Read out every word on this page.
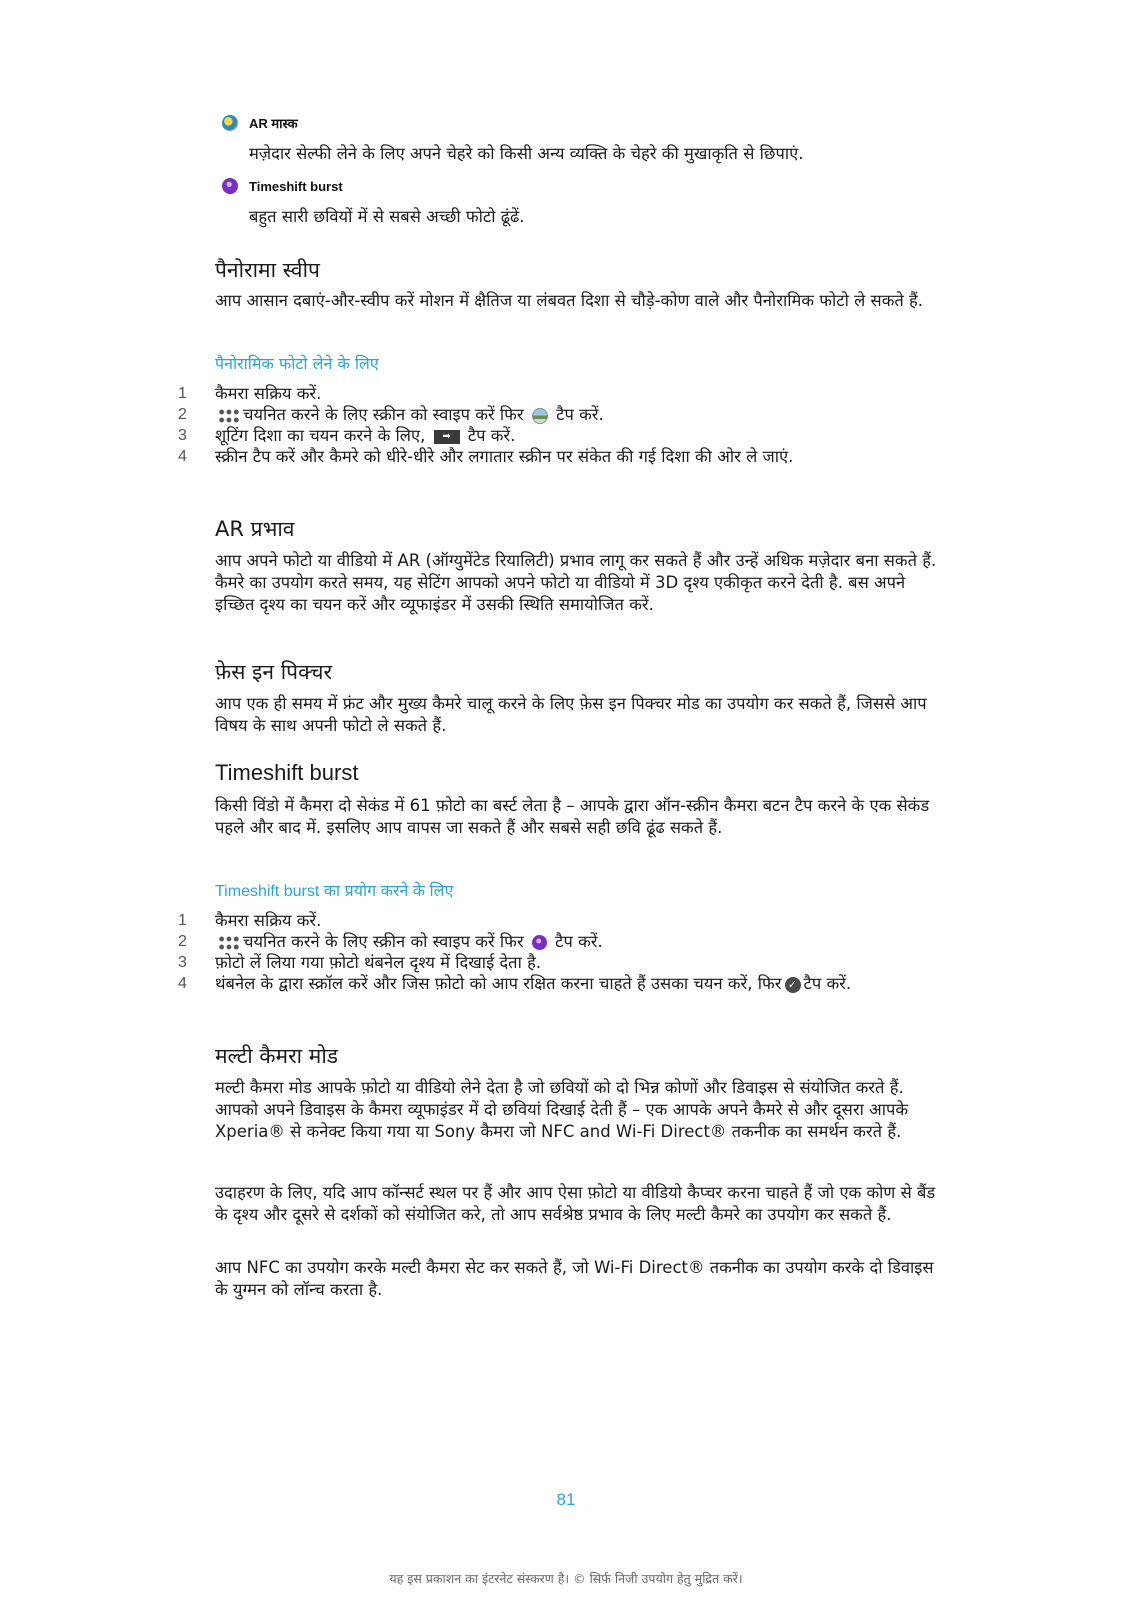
AR मास्क
मज़ेदार सेल्फी लेने के लिए अपने चेहरे को किसी अन्य व्यक्ति के चेहरे की मुखाकृति से छिपाएं.
Timeshift burst
बहुत सारी छवियों में से सबसे अच्छी फोटो ढूंढें.
पैनोरामा स्वीप

आप आसान दबाएं-और-स्वीप करें मोशन में क्षैतिज या लंबवत दिशा से चौड़े-कोण वाले और पैनोरामिक फोटो ले सकते हैं.

पैनोरामिक फोटो लेने के लिए
1	कैमरा सक्रिय करें.
2	चयनित करने के लिए स्क्रीन को स्वाइप करें फिर टैप करें.
3	शूटिंग दिशा का चयन करने के लिए, ➡ टैप करें.
4	स्क्रीन टैप करें और कैमरे को धीरे-धीरे और लगातार स्क्रीन पर संकेत की गई दिशा की ओर ले जाएं.
AR प्रभाव

आप अपने फोटो या वीडियो में AR (ऑग्युमेंटेड रियालिटी) प्रभाव लागू कर सकते हैं और उन्हें अधिक मज़ेदार बना सकते हैं. कैमरे का उपयोग करते समय, यह सेटिंग आपको अपने फोटो या वीडियो में 3D दृश्य एकीकृत करने देती है. बस अपने इच्छित दृश्य का चयन करें और व्यूफाइंडर में उसकी स्थिति समायोजित करें.

फ़ेस इन पिक्चर

आप एक ही समय में फ्रंट और मुख्य कैमरे चालू करने के लिए फ़ेस इन पिक्चर मोड का उपयोग कर सकते हैं, जिससे आप विषय के साथ अपनी फोटो ले सकते हैं.

Timeshift burst

किसी विंडो में कैमरा दो सेकंड में 61 फ़ोटो का बर्स्ट लेता है – आपके द्वारा ऑन-स्क्रीन कैमरा बटन टैप करने के एक सेकंड पहले और बाद में. इसलिए आप वापस जा सकते हैं और सबसे सही छवि ढूंढ सकते हैं.

Timeshift burst का प्रयोग करने के लिए
1	कैमरा सक्रिय करें.
2	चयनित करने के लिए स्क्रीन को स्वाइप करें फिर टैप करें.
3	फ़ोटो लें लिया गया फ़ोटो थंबनेल दृश्य में दिखाई देता है.
4	थंबनेल के द्वारा स्क्रॉल करें और जिस फ़ोटो को आप रक्षित करना चाहते हैं उसका चयन करें, फिर ✓ टैप करें.
मल्टी कैमरा मोड

मल्टी कैमरा मोड आपके फ़ोटो या वीडियो लेने देता है जो छवियों को दो भिन्न कोणों और डिवाइस से संयोजित करते हैं. आपको अपने डिवाइस के कैमरा व्यूफाइंडर में दो छवियां दिखाई देती हैं – एक आपके अपने कैमरे से और दूसरा आपके Xperia® से कनेक्ट किया गया या Sony कैमरा जो NFC and Wi-Fi Direct® तकनीक का समर्थन करते हैं.

उदाहरण के लिए, यदि आप कॉन्सर्ट स्थल पर हैं और आप ऐसा फ़ोटो या वीडियो कैप्चर करना चाहते हैं जो एक कोण से बैंड के दृश्य और दूसरे से दर्शकों को संयोजित करे, तो आप सर्वश्रेष्ठ प्रभाव के लिए मल्टी कैमरे का उपयोग कर सकते हैं.

आप NFC का उपयोग करके मल्टी कैमरा सेट कर सकते हैं, जो Wi-Fi Direct® तकनीक का उपयोग करके दो डिवाइस के युग्मन को लॉन्च करता है.

81
यह इस प्रकाशन का इंटरनेट संस्करण है। © सिर्फ निजी उपयोग हेतु मुद्रित करें।
